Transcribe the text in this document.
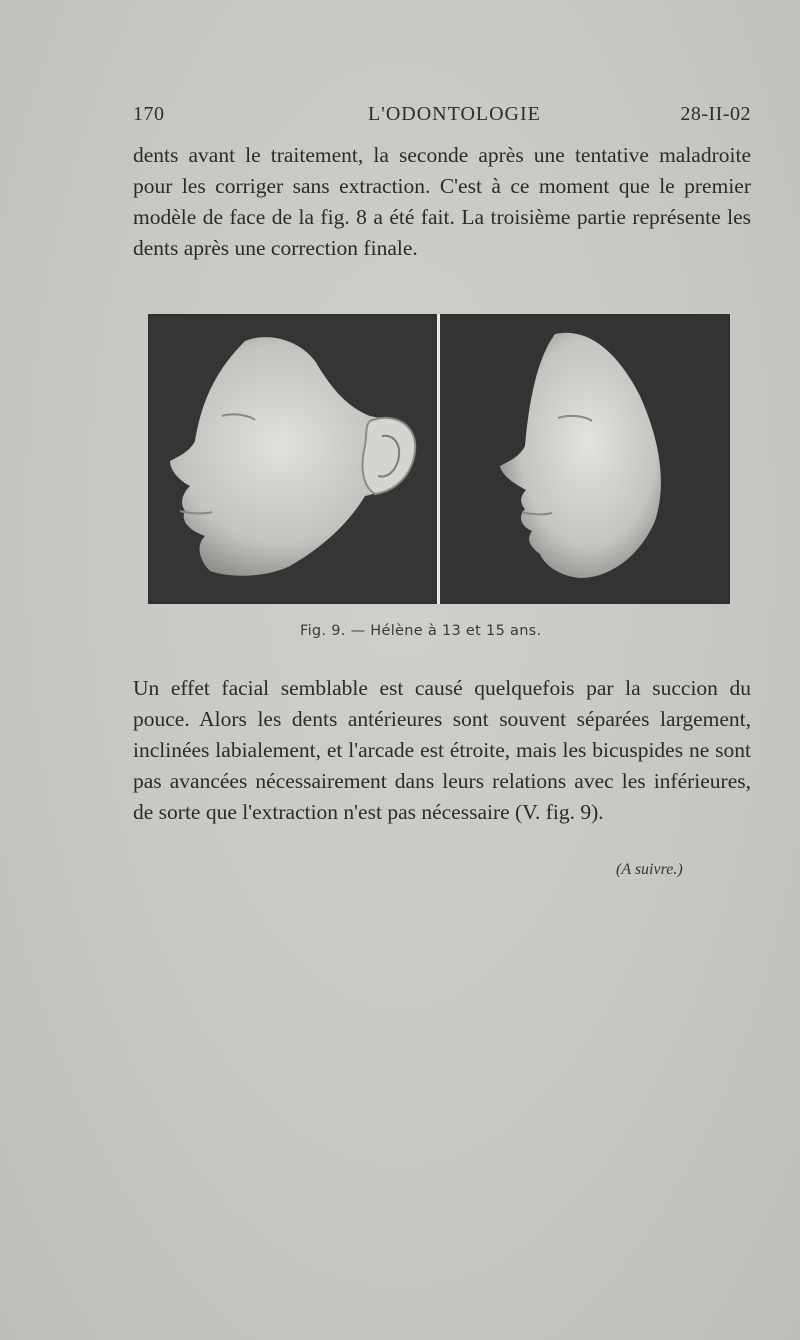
170	L'ODONTOLOGIE	28-II-02
dents avant le traitement, la seconde après une tentative maladroite pour les corriger sans extraction. C'est à ce moment que le premier modèle de face de la fig. 8 a été fait. La troisième partie représente les dents après une correction finale.
Fig. 9. — Hélène à 13 et 15 ans.
Un effet facial semblable est causé quelquefois par la succion du pouce. Alors les dents antérieures sont souvent séparées largement, inclinées labialement, et l'arcade est étroite, mais les bicuspides ne sont pas avancées nécessairement dans leurs relations avec les inférieures, de sorte que l'extraction n'est pas nécessaire (V. fig. 9).
(A suivre.)
